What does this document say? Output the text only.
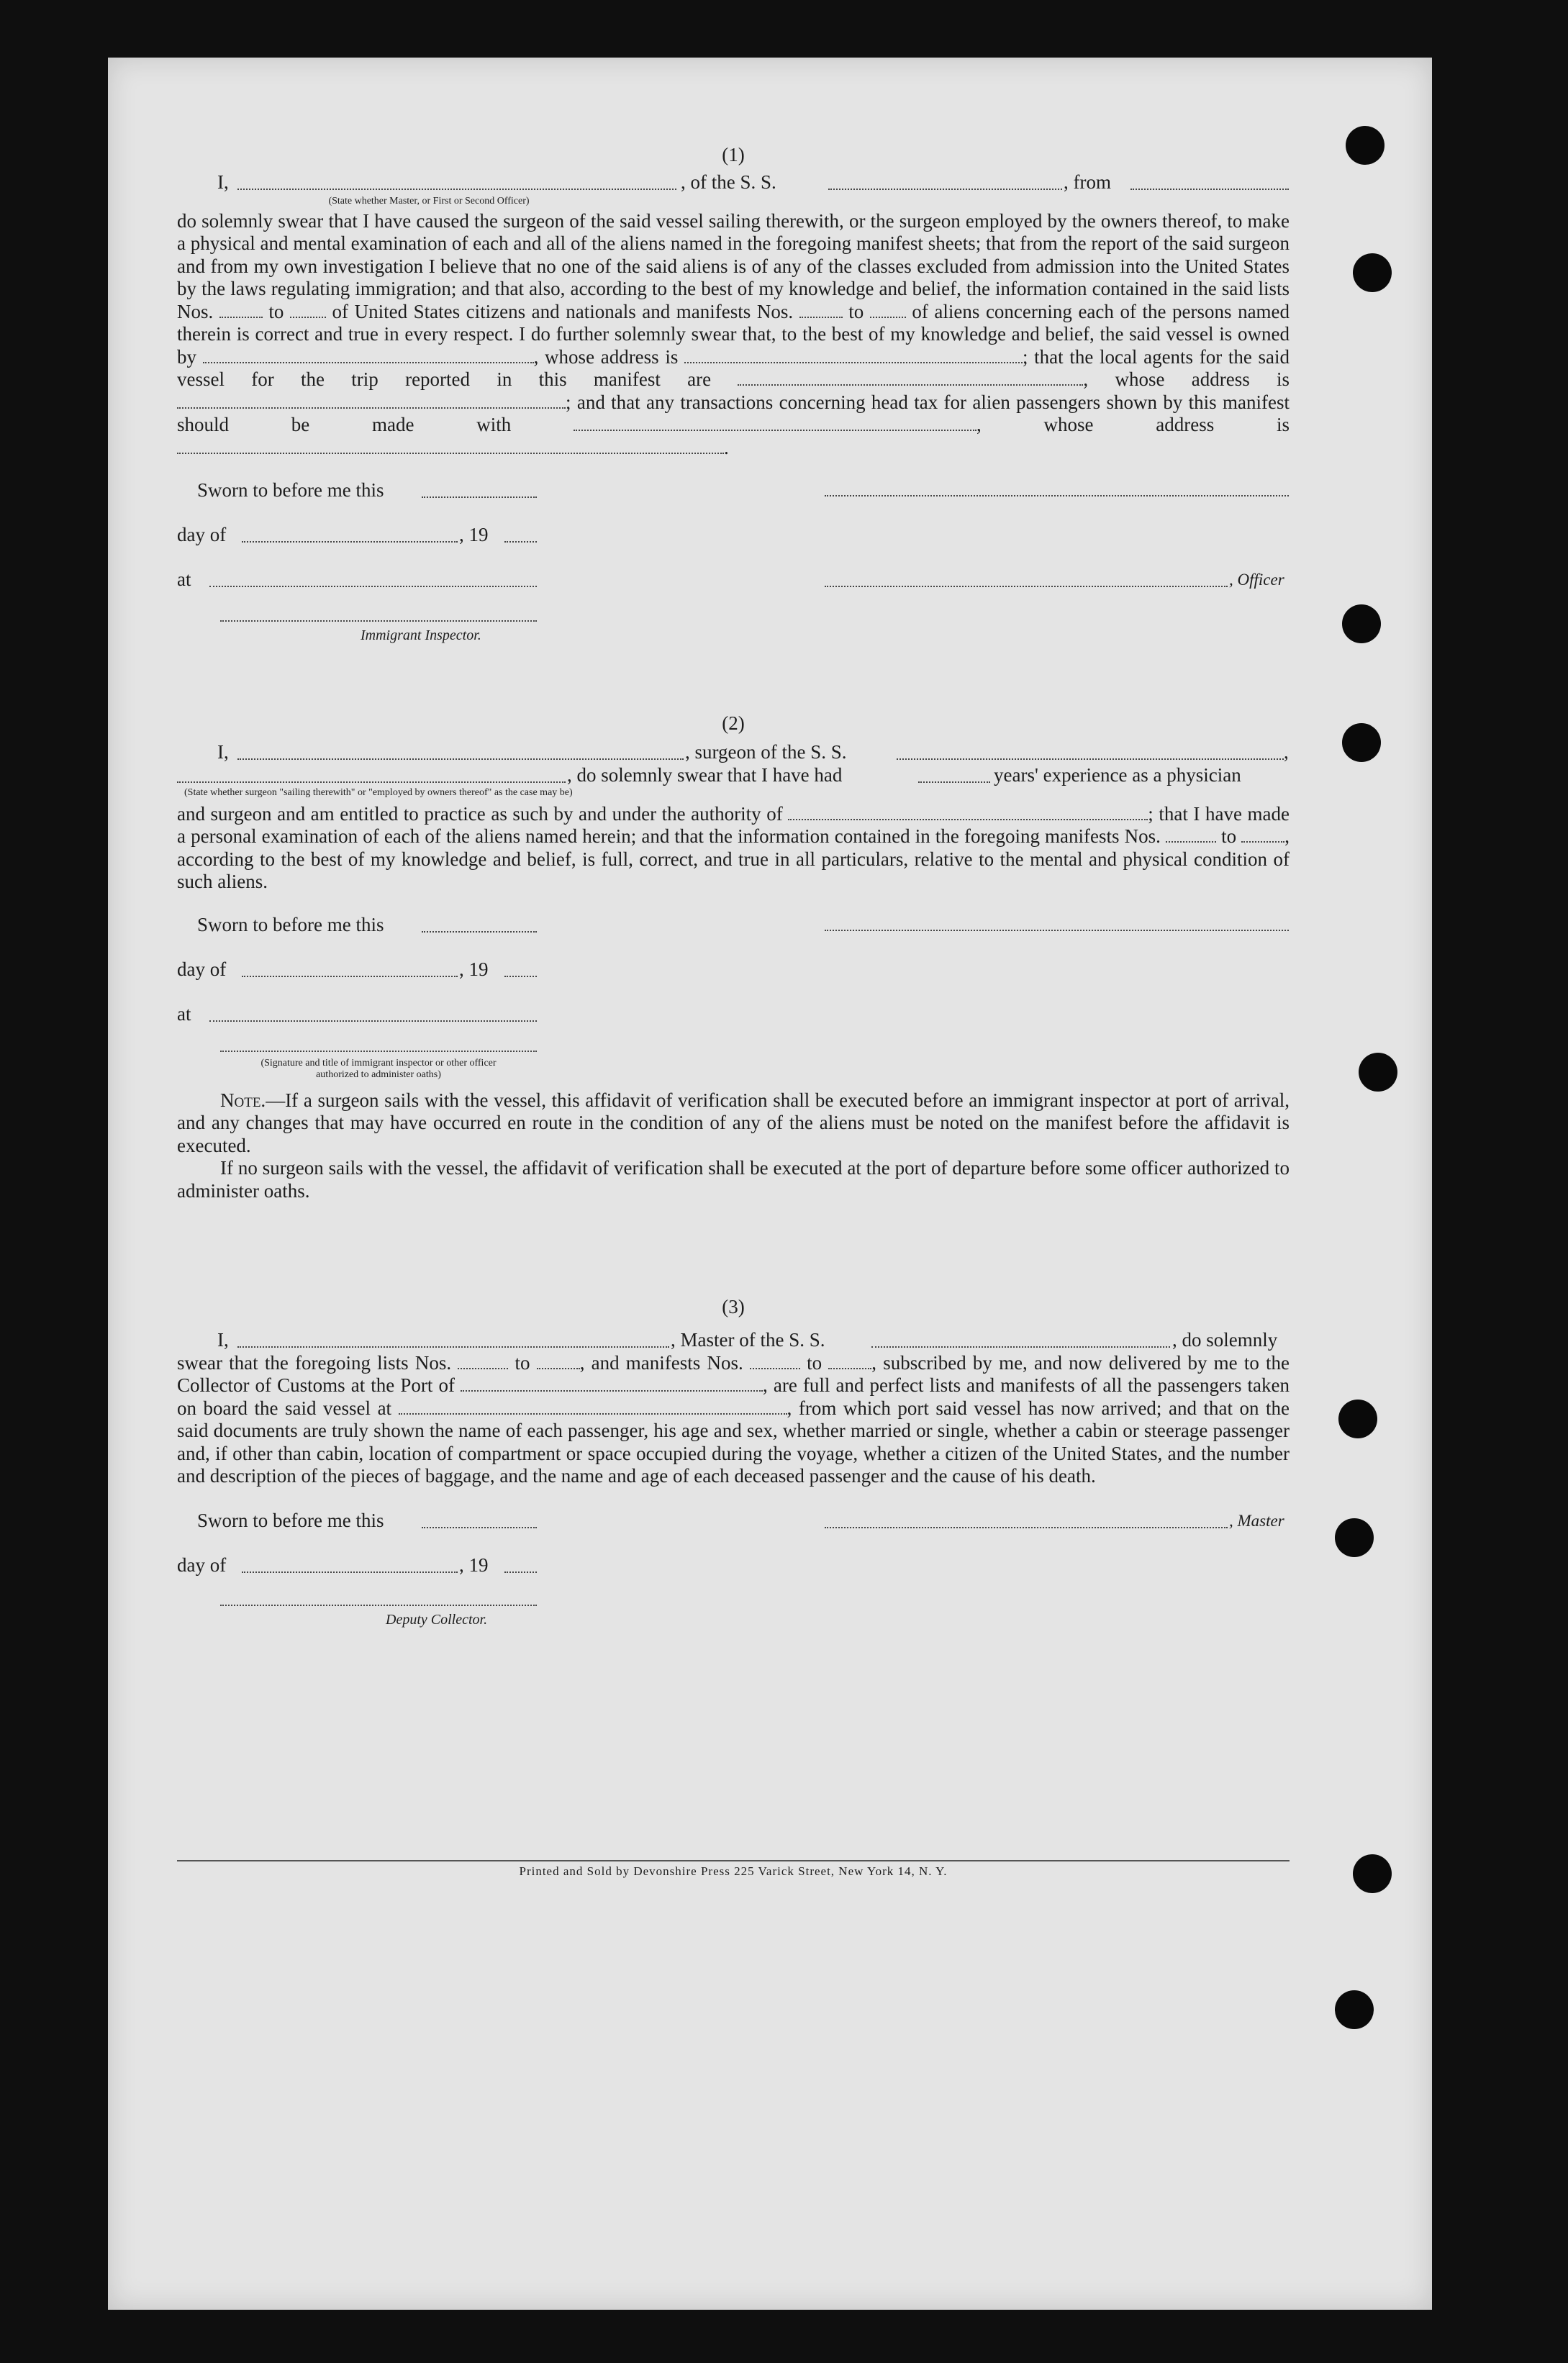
(1)
I,	, of the S. S.	, from
(State whether Master, or First or Second Officer)
do solemnly swear that I have caused the surgeon of the said vessel sailing therewith, or the surgeon employed by the owners thereof, to make a physical and mental examination of each and all of the aliens named in the foregoing manifest sheets; that from the report of the said surgeon and from my own investigation I believe that no one of the said aliens is of any of the classes excluded from admission into the United States by the laws regulating immigration; and that also, according to the best of my knowledge and belief, the information contained in the said lists Nos.	to of United States citizens and nationals and manifests Nos.	to of aliens concerning each of the persons named therein is correct and true in every respect. I do further solemnly swear that, to the best of my knowledge and belief, the said vessel is owned by	, whose address is	; that the local agents for the said vessel for the trip reported in this manifest are	, whose address is ; and that any transactions concerning head tax for alien passengers shown by this manifest should be made with	, whose address is .
Sworn to before me this
day of	, 19
at	, Officer
Immigrant Inspector.
(2)
I,	, surgeon of the S. S.	,
, do solemnly swear that I have had	years' experience as a physician
(State whether surgeon "sailing therewith" or "employed by owners thereof" as the case may be)
and surgeon and am entitled to practice as such by and under the authority of	; that I have made a personal examination of each of the aliens named herein; and that the information contained in the foregoing manifests Nos.	to , according to the best of my knowledge and belief, is full, correct, and true in all particulars, relative to the mental and physical condition of such aliens.
Sworn to before me this
day of	, 19
at
(Signature and title of immigrant inspector or other officer authorized to administer oaths)
Note.—If a surgeon sails with the vessel, this affidavit of verification shall be executed before an immigrant inspector at port of arrival, and any changes that may have occurred en route in the condition of any of the aliens must be noted on the manifest before the affidavit is executed.
If no surgeon sails with the vessel, the affidavit of verification shall be executed at the port of departure before some officer authorized to administer oaths.
(3)
I,	, Master of the S. S.	, do solemnly
swear that the foregoing lists Nos.	to	, and manifests Nos.	to	, subscribed by me, and now delivered by me to the Collector of Customs at the Port of	, are full and perfect lists and manifests of all the passengers taken on board the said vessel at	, from which port said vessel has now arrived; and that on the said documents are truly shown the name of each passenger, his age and sex, whether married or single, whether a cabin or steerage passenger and, if other than cabin, location of compartment or space occupied during the voyage, whether a citizen of the United States, and the number and description of the pieces of baggage, and the name and age of each deceased passenger and the cause of his death.
Sworn to before me this	, Master
day of	, 19
Deputy Collector.
Printed and Sold by Devonshire Press 225 Varick Street, New York 14, N. Y.
